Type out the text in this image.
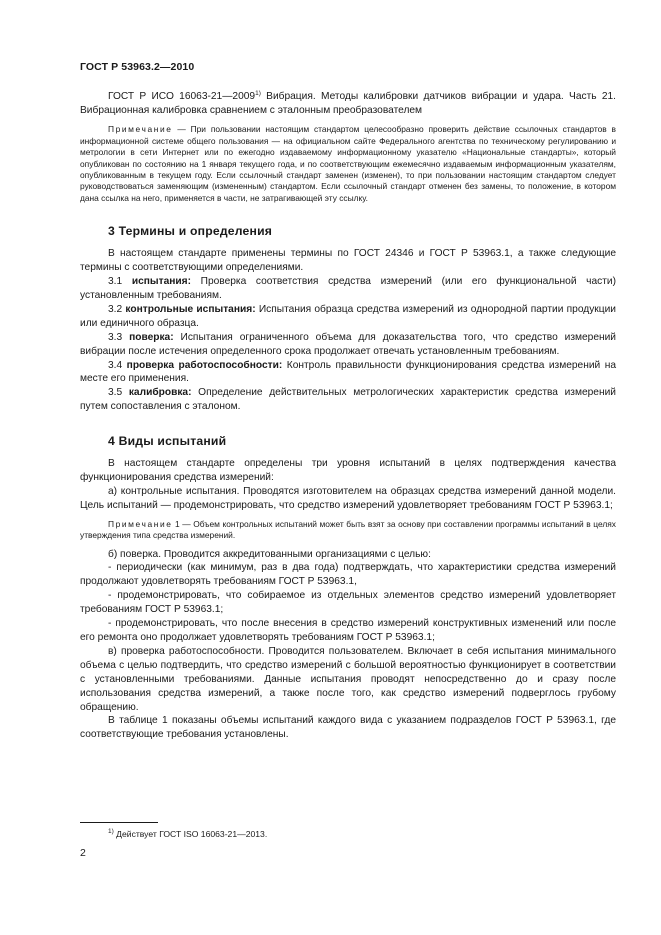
ГОСТ Р 53963.2—2010

ГОСТ Р ИСО 16063-21—2009$^{1)}$ Вибрация. Методы калибровки датчиков вибрации и удара. Часть 21. Вибрационная калибровка сравнением с эталонным преобразователем

Примечание — При пользовании настоящим стандартом целесообразно проверить действие ссылочных стандартов в информационной системе общего пользования — на официальном сайте Федерального агентства по техническому регулированию и метрологии в сети Интернет или по ежегодно издаваемому информационному указателю «Национальные стандарты», который опубликован по состоянию на 1 января текущего года, и по соответствующим ежемесячно издаваемым информационным указателям, опубликованным в текущем году. Если ссылочный стандарт заменен (изменен), то при пользовании настоящим стандартом следует руководствоваться заменяющим (измененным) стандартом. Если ссылочный стандарт отменен без замены, то положение, в котором дана ссылка на него, применяется в части, не затрагивающей эту ссылку.

3 Термины и определения

В настоящем стандарте применены термины по ГОСТ 24346 и ГОСТ Р 53963.1, а также следующие термины с соответствующими определениями.

3.1 испытания: Проверка соответствия средства измерений (или его функциональной части) установленным требованиям.

3.2 контрольные испытания: Испытания образца средства измерений из однородной партии продукции или единичного образца.

3.3 поверка: Испытания ограниченного объема для доказательства того, что средство измерений вибрации после истечения определенного срока продолжает отвечать установленным требованиям.

3.4 проверка работоспособности: Контроль правильности функционирования средства измерений на месте его применения.

3.5 калибровка: Определение действительных метрологических характеристик средства измерений путем сопоставления с эталоном.

4 Виды испытаний

В настоящем стандарте определены три уровня испытаний в целях подтверждения качества функционирования средства измерений:

а) контрольные испытания. Проводятся изготовителем на образцах средства измерений данной модели. Цель испытаний — продемонстрировать, что средство измерений удовлетворяет требованиям ГОСТ Р 53963.1;

Примечание 1 — Объем контрольных испытаний может быть взят за основу при составлении программы испытаний в целях утверждения типа средства измерений.

б) поверка. Проводится аккредитованными организациями с целью:

- периодически (как минимум, раз в два года) подтверждать, что характеристики средства измерений продолжают удовлетворять требованиям ГОСТ Р 53963.1,

- продемонстрировать, что собираемое из отдельных элементов средство измерений удовлетворяет требованиям ГОСТ Р 53963.1;

- продемонстрировать, что после внесения в средство измерений конструктивных изменений или после его ремонта оно продолжает удовлетворять требованиям ГОСТ Р 53963.1;

в) проверка работоспособности. Проводится пользователем. Включает в себя испытания минимального объема с целью подтвердить, что средство измерений с большой вероятностью функционирует в соответствии с установленными требованиями. Данные испытания проводят непосредственно до и сразу после использования средства измерений, а также после того, как средство измерений подверглось грубому обращению.

В таблице 1 показаны объемы испытаний каждого вида с указанием подразделов ГОСТ Р 53963.1, где соответствующие требования установлены.

$^{1)}$ Действует ГОСТ ISO 16063-21—2013.
2
